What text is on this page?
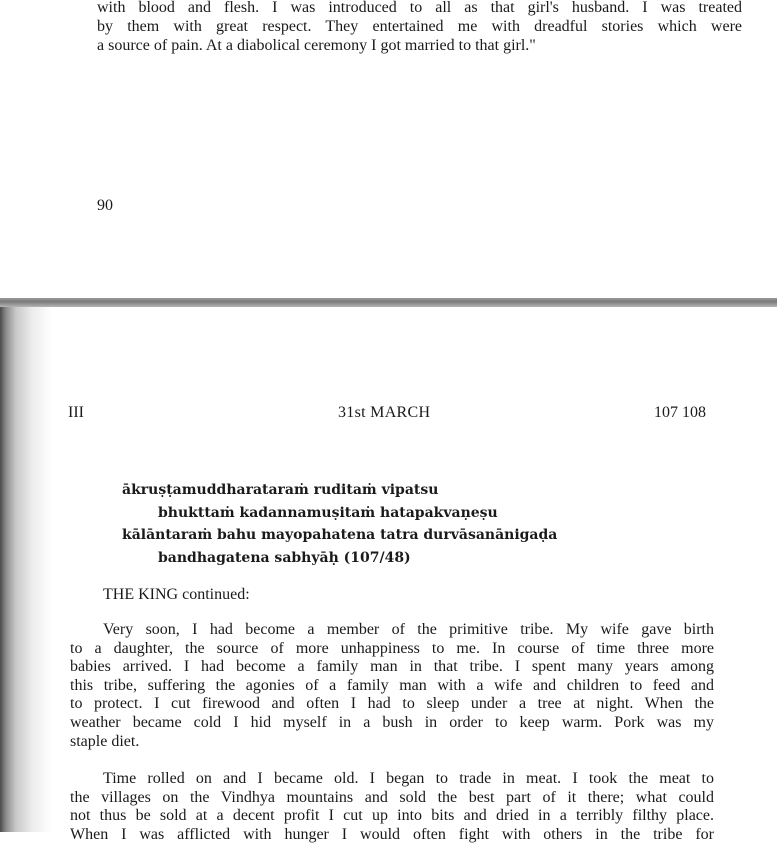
with blood and flesh. I was introduced to all as that girl's husband. I was treated
by them with great respect. They entertained me with dreadful stories which were
a source of pain. At a diabolical ceremony I got married to that girl."
90
III	31st MARCH	107 108
ākruṣṭamuddharataraṁ ruditaṁ vipatsu
bhukttaṁ kadannamuṣitaṁ hatapakvaṇeṣu
kālāntaraṁ bahu mayopahatena tatra durvāsanānigaḍa
bandhagatena sabhyāḥ (107/48)
THE KING continued:
Very soon, I had become a member of the primitive tribe. My wife gave birth
to a daughter, the source of more unhappiness to me. In course of time three more
babies arrived. I had become a family man in that tribe. I spent many years among
this tribe, suffering the agonies of a family man with a wife and children to feed and
to protect. I cut firewood and often I had to sleep under a tree at night. When the
weather became cold I hid myself in a bush in order to keep warm. Pork was my
staple diet.
Time rolled on and I became old. I began to trade in meat. I took the meat to
the villages on the Vindhya mountains and sold the best part of it there; what could
not thus be sold at a decent profit I cut up into bits and dried in a terribly filthy place.
When I was afflicted with hunger I would often fight with others in the tribe for
